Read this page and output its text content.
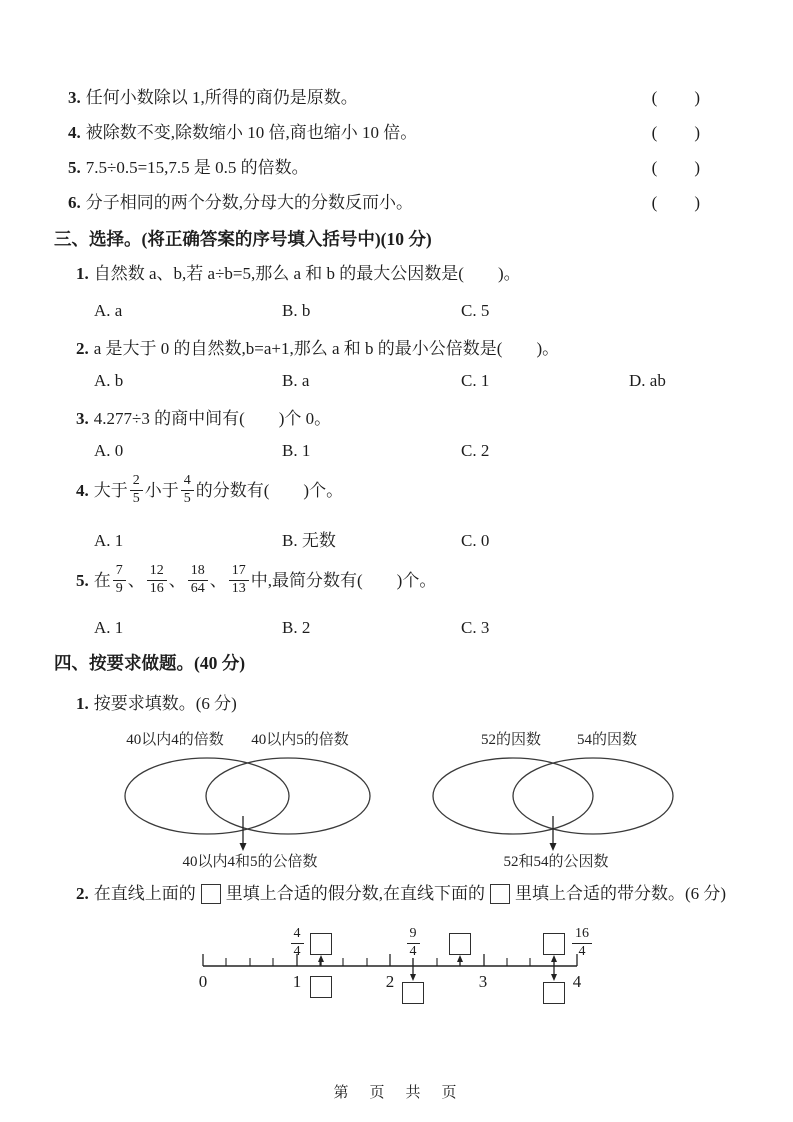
3. 任何小数除以 1,所得的商仍是原数。	(　　)
4. 被除数不变,除数缩小 10 倍,商也缩小 10 倍。	(　　)
5. 7.5÷0.5=15,7.5 是 0.5 的倍数。	(　　)
6. 分子相同的两个分数,分母大的分数反而小。	(　　)
三、选择。(将正确答案的序号填入括号中)(10 分)
1. 自然数 a、b,若 a÷b=5,那么 a 和 b 的最大公因数是(　　)。
A. a	B. b	C. 5
2. a 是大于 0 的自然数,b=a+1,那么 a 和 b 的最小公倍数是(　　)。
A. b	B. a	C. 1	D. ab
3. 4.277÷3 的商中间有(　　)个 0。
A. 0	B. 1	C. 2
4. 大于 $\frac{2}{5}$ 小于 $\frac{4}{5}$ 的分数有(　　)个。
A. 1	B. 无数	C. 0
5. 在 $\frac{7}{9}$ 、 $\frac{12}{16}$ 、 $\frac{18}{64}$ 、 $\frac{17}{13}$ 中,最简分数有(　　)个。
A. 1	B. 2	C. 3
四、按要求做题。(40 分)
1. 按要求填数。(6 分)
40以内4的倍数 40以内5的倍数
40以内4和5的公倍数
52的因数 54的因数
52和54的公因数
2. 在直线上面的 里填上合适的假分数,在直线下面的 里填上合适的带分数。(6 分)
$\frac{4}{4}$	$\frac{9}{4}$	$\frac{16}{4}$
0	1	2	3	4
第　页　共　页
